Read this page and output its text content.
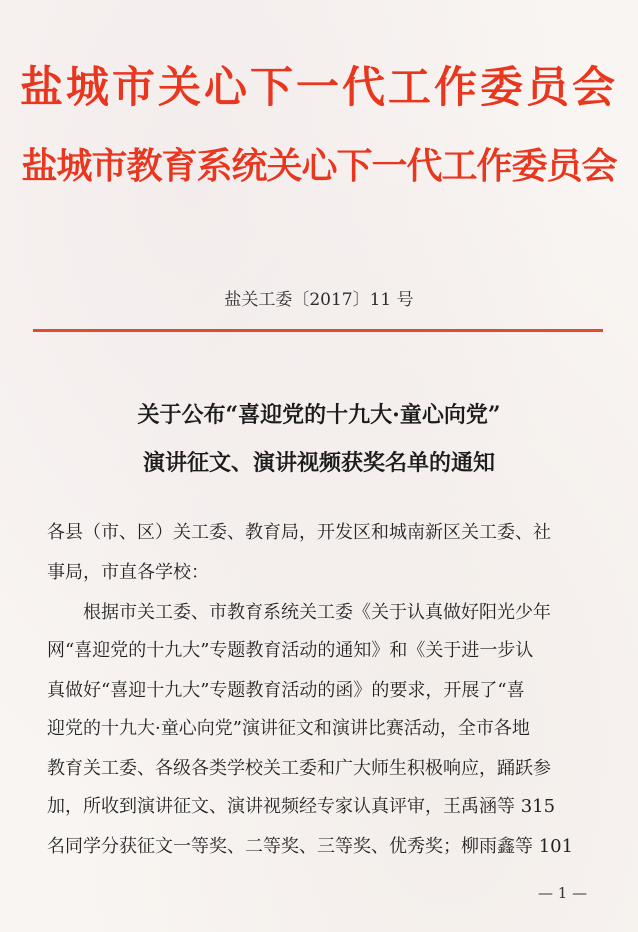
盐城市关心下一代工作委员会
盐城市教育系统关心下一代工作委员会
盐关工委〔2017〕11 号
关于公布“喜迎党的十九大·童心向党”
演讲征文、演讲视频获奖名单的通知
各县（市、区）关工委、教育局，开发区和城南新区关工委、社
事局，市直各学校：
　　根据市关工委、市教育系统关工委《关于认真做好阳光少年
网“喜迎党的十九大”专题教育活动的通知》和《关于进一步认
真做好“喜迎十九大”专题教育活动的函》的要求，开展了“喜
迎党的十九大·童心向党”演讲征文和演讲比赛活动，全市各地
教育关工委、各级各类学校关工委和广大师生积极响应，踊跃参
加，所收到演讲征文、演讲视频经专家认真评审，王禹涵等 315
名同学分获征文一等奖、二等奖、三等奖、优秀奖；柳雨鑫等 101
— 1 —
